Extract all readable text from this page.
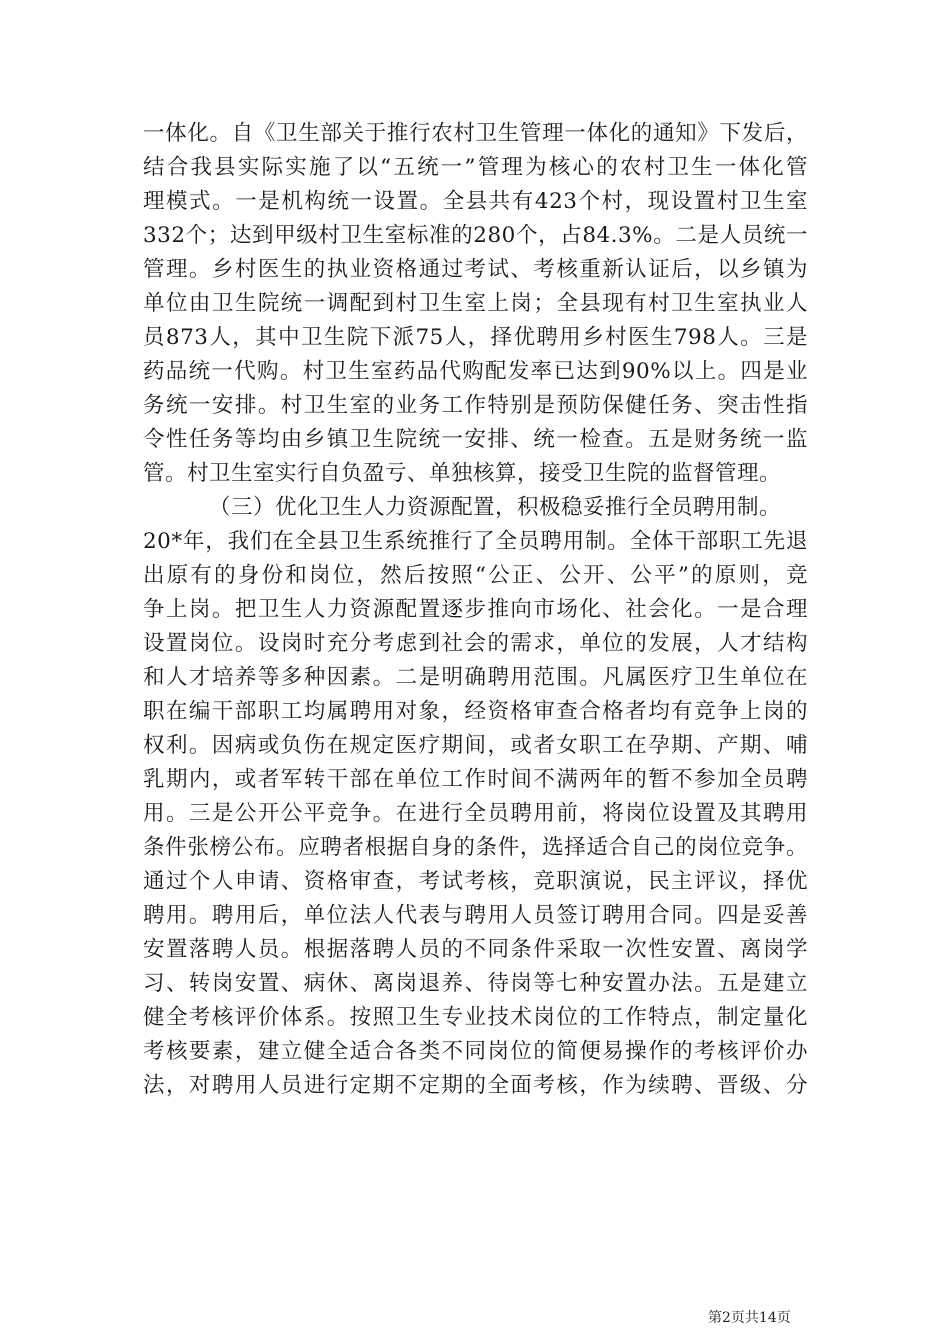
一体化。自《卫生部关于推行农村卫生管理一体化的通知》下发后，
结合我县实际实施了以“五统一”管理为核心的农村卫生一体化管
理模式。一是机构统一设置。全县共有423个村，现设置村卫生室
332个；达到甲级村卫生室标准的280个，占84.3%。二是人员统一
管理。乡村医生的执业资格通过考试、考核重新认证后，以乡镇为
单位由卫生院统一调配到村卫生室上岗；全县现有村卫生室执业人
员873人，其中卫生院下派75人，择优聘用乡村医生798人。三是
药品统一代购。村卫生室药品代购配发率已达到90%以上。四是业
务统一安排。村卫生室的业务工作特别是预防保健任务、突击性指
令性任务等均由乡镇卫生院统一安排、统一检查。五是财务统一监
管。村卫生室实行自负盈亏、单独核算，接受卫生院的监督管理。
（三）优化卫生人力资源配置，积极稳妥推行全员聘用制。
20*年，我们在全县卫生系统推行了全员聘用制。全体干部职工先退
出原有的身份和岗位，然后按照“公正、公开、公平”的原则，竞
争上岗。把卫生人力资源配置逐步推向市场化、社会化。一是合理
设置岗位。设岗时充分考虑到社会的需求，单位的发展，人才结构
和人才培养等多种因素。二是明确聘用范围。凡属医疗卫生单位在
职在编干部职工均属聘用对象，经资格审查合格者均有竞争上岗的
权利。因病或负伤在规定医疗期间，或者女职工在孕期、产期、哺
乳期内，或者军转干部在单位工作时间不满两年的暂不参加全员聘
用。三是公开公平竞争。在进行全员聘用前，将岗位设置及其聘用
条件张榜公布。应聘者根据自身的条件，选择适合自己的岗位竞争。
通过个人申请、资格审查，考试考核，竞职演说，民主评议，择优
聘用。聘用后，单位法人代表与聘用人员签订聘用合同。四是妥善
安置落聘人员。根据落聘人员的不同条件采取一次性安置、离岗学
习、转岗安置、病休、离岗退养、待岗等七种安置办法。五是建立
健全考核评价体系。按照卫生专业技术岗位的工作特点，制定量化
考核要素，建立健全适合各类不同岗位的简便易操作的考核评价办
法，对聘用人员进行定期不定期的全面考核，作为续聘、晋级、分
第2页共14页
